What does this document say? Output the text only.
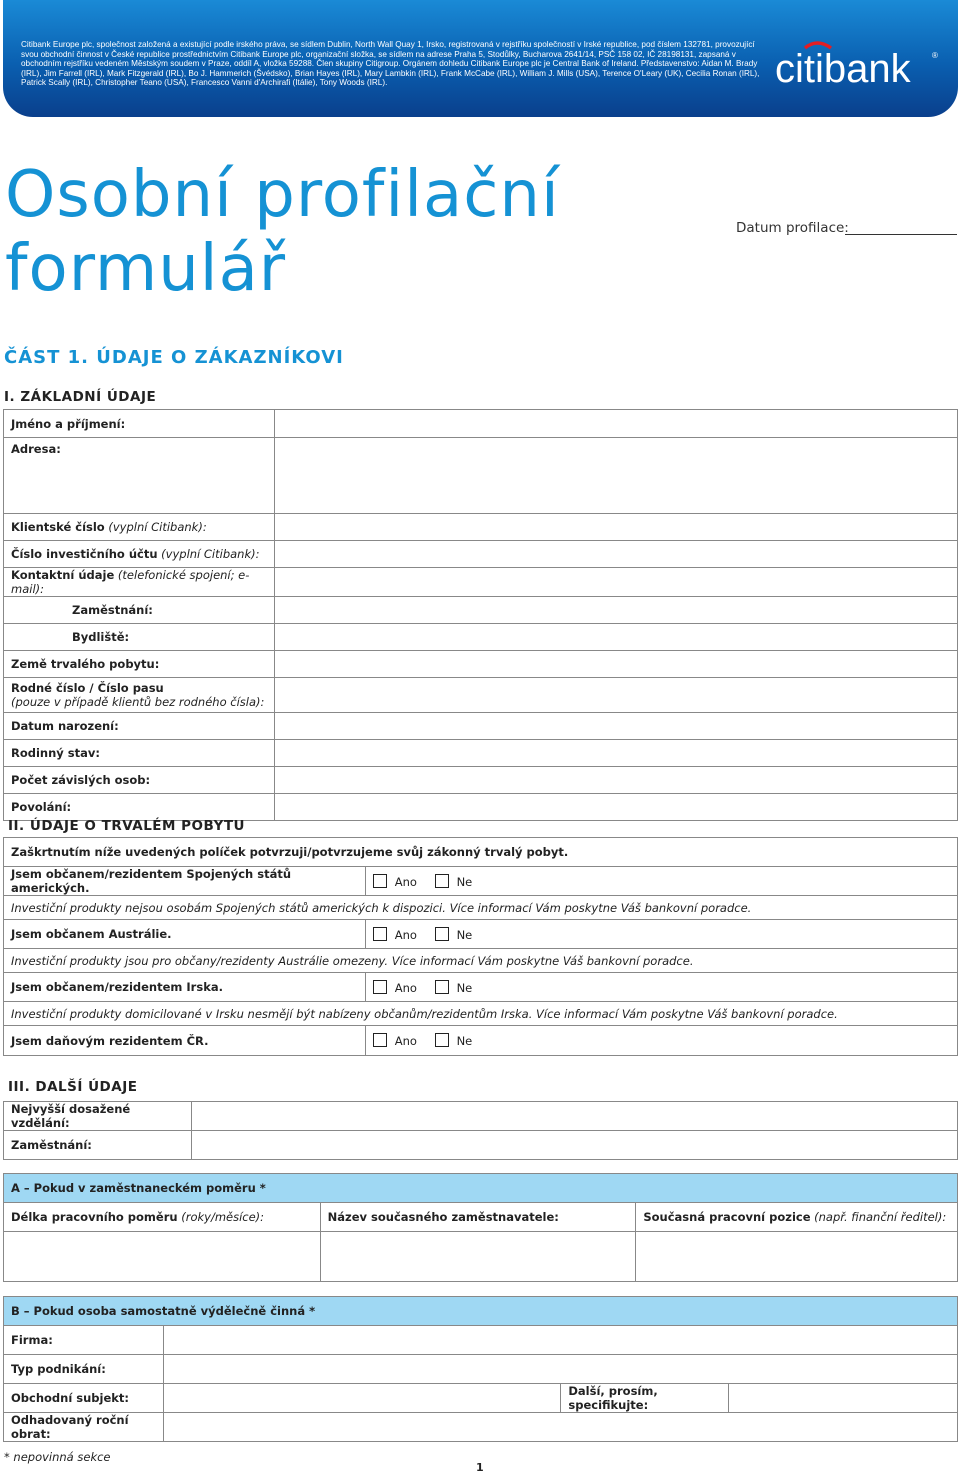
Citibank Europe plc, společnost založená a existující podle irského práva, se sídlem Dublin, North Wall Quay 1, Irsko, registrovaná v rejstříku společností v Irské republice, pod číslem 132781, provozující svou obchodní činnost v České republice prostřednictvím Citibank Europe plc, organizační složka, se sídlem na adrese Praha 5, Stodůlky, Bucharova 2641/14, PSČ 158 02, IČ 28198131, zapsaná v obchodním rejstříku vedeném Městským soudem v Praze, oddíl A, vložka 59288. Člen skupiny Citigroup. Orgánem dohledu Citibank Europe plc je Central Bank of Ireland. Představenstvo: Aidan M. Brady (IRL), Jim Farrell (IRL), Mark Fitzgerald (IRL), Bo J. Hammerich (Švédsko), Brian Hayes (IRL), Mary Lambkin (IRL), Frank McCabe (IRL), William J. Mills (USA), Terence O'Leary (UK), Cecilia Ronan (IRL), Patrick Scally (IRL), Christopher Teano (USA), Francesco Vanni d'Archirafi (Itálie), Tony Woods (IRL).	citibank	®
Osobní profilační
formulář
Datum profilace:
ČÁST 1. ÚDAJE O ZÁKAZNÍKOVI
I. ZÁKLADNÍ ÚDAJE
Jméno a příjmení:	
Adresa:	
Klientské číslo (vyplní Citibank):	
Číslo investičního účtu (vyplní Citibank):	
Kontaktní údaje (telefonické spojení; e-mail):	
Zaměstnání:	
Bydliště:	
Země trvalého pobytu:	
Rodné číslo / Číslo pasu
(pouze v případě klientů bez rodného čísla):	
Datum narození:	
Rodinný stav:	
Počet závislých osob:	
Povolání:	
II. ÚDAJE O TRVALÉM POBYTU
Zaškrtnutím níže uvedených políček potvrzuji/potvrzujeme svůj zákonný trvalý pobyt.	
Jsem občanem/rezidentem Spojených států amerických.	Ano Ne
Investiční produkty nejsou osobám Spojených států amerických k dispozici. Více informací Vám poskytne Váš bankovní poradce.	
Jsem občanem Austrálie.	Ano Ne
Investiční produkty jsou pro občany/rezidenty Austrálie omezeny. Více informací Vám poskytne Váš bankovní poradce.	
Jsem občanem/rezidentem Irska.	Ano Ne
Investiční produkty domicilované v Irsku nesmějí být nabízeny občanům/rezidentům Irska. Více informací Vám poskytne Váš bankovní poradce.	
Jsem daňovým rezidentem ČR.	Ano Ne
III. DALŠÍ ÚDAJE
Nejvyšší dosažené vzdělání:	
Zaměstnání:	
A – Pokud v zaměstnaneckém poměru *		
Délka pracovního poměru (roky/měsíce):	Název současného zaměstnavatele:	Současná pracovní pozice (např. finanční ředitel):

B – Pokud osoba samostatně výdělečně činná *			
Firma:			
Typ podnikání:			
Obchodní subjekt:		Další, prosím, specifikujte:	
Odhadovaný roční obrat:			
* nepovinná sekce
1
